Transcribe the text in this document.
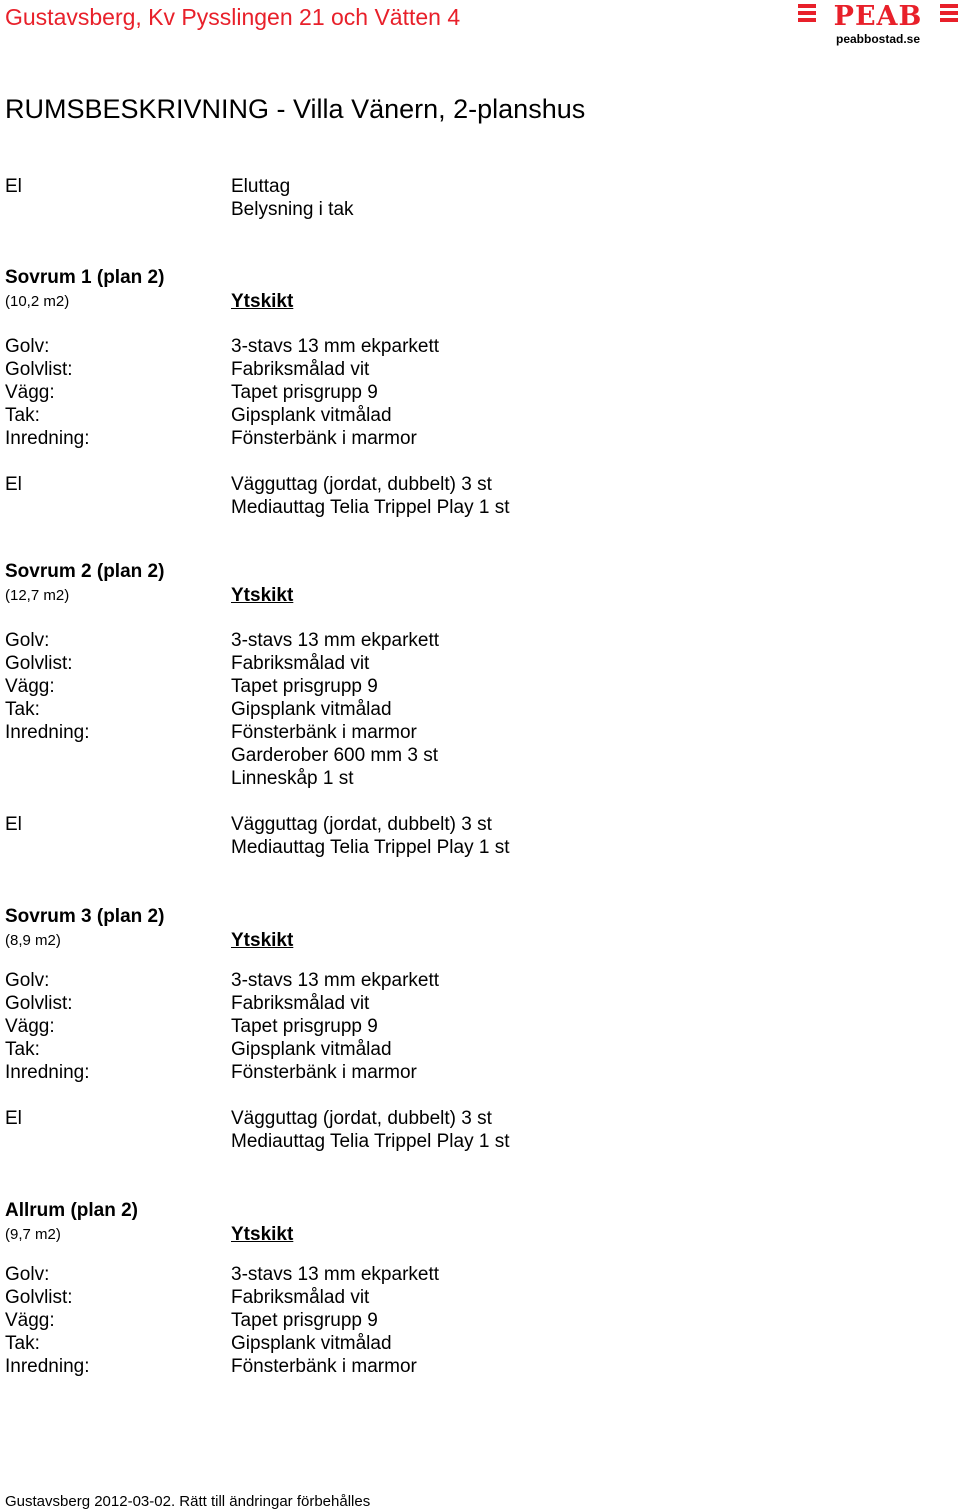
Gustavsberg, Kv Pysslingen 21 och Vätten 4	PEAB
peabbostad.se
RUMSBESKRIVNING - Villa Vänern, 2-planshus
El	Eluttag
Belysning i tak
Sovrum 1 (plan 2)
(10,2 m2)	Ytskikt
Golv:	3-stavs 13 mm ekparkett
Golvlist:	Fabriksmålad vit
Vägg:	Tapet prisgrupp 9
Tak:	Gipsplank vitmålad
Inredning:	Fönsterbänk i marmor
El	Vägguttag (jordat, dubbelt) 3 st
Mediauttag Telia Trippel Play 1 st
Sovrum 2 (plan 2)
(12,7 m2)	Ytskikt
Golv:	3-stavs 13 mm ekparkett
Golvlist:	Fabriksmålad vit
Vägg:	Tapet prisgrupp 9
Tak:	Gipsplank vitmålad
Inredning:	Fönsterbänk i marmor
Garderober 600 mm 3 st
Linneskåp 1 st
El	Vägguttag (jordat, dubbelt) 3 st
Mediauttag Telia Trippel Play 1 st
Sovrum 3 (plan 2)
(8,9 m2)	Ytskikt
Golv:	3-stavs 13 mm ekparkett
Golvlist:	Fabriksmålad vit
Vägg:	Tapet prisgrupp 9
Tak:	Gipsplank vitmålad
Inredning:	Fönsterbänk i marmor
El	Vägguttag (jordat, dubbelt) 3 st
Mediauttag Telia Trippel Play 1 st
Allrum (plan 2)
(9,7 m2)	Ytskikt
Golv:	3-stavs 13 mm ekparkett
Golvlist:	Fabriksmålad vit
Vägg:	Tapet prisgrupp 9
Tak:	Gipsplank vitmålad
Inredning:	Fönsterbänk i marmor
Gustavsberg 2012-03-02. Rätt till ändringar förbehålles
